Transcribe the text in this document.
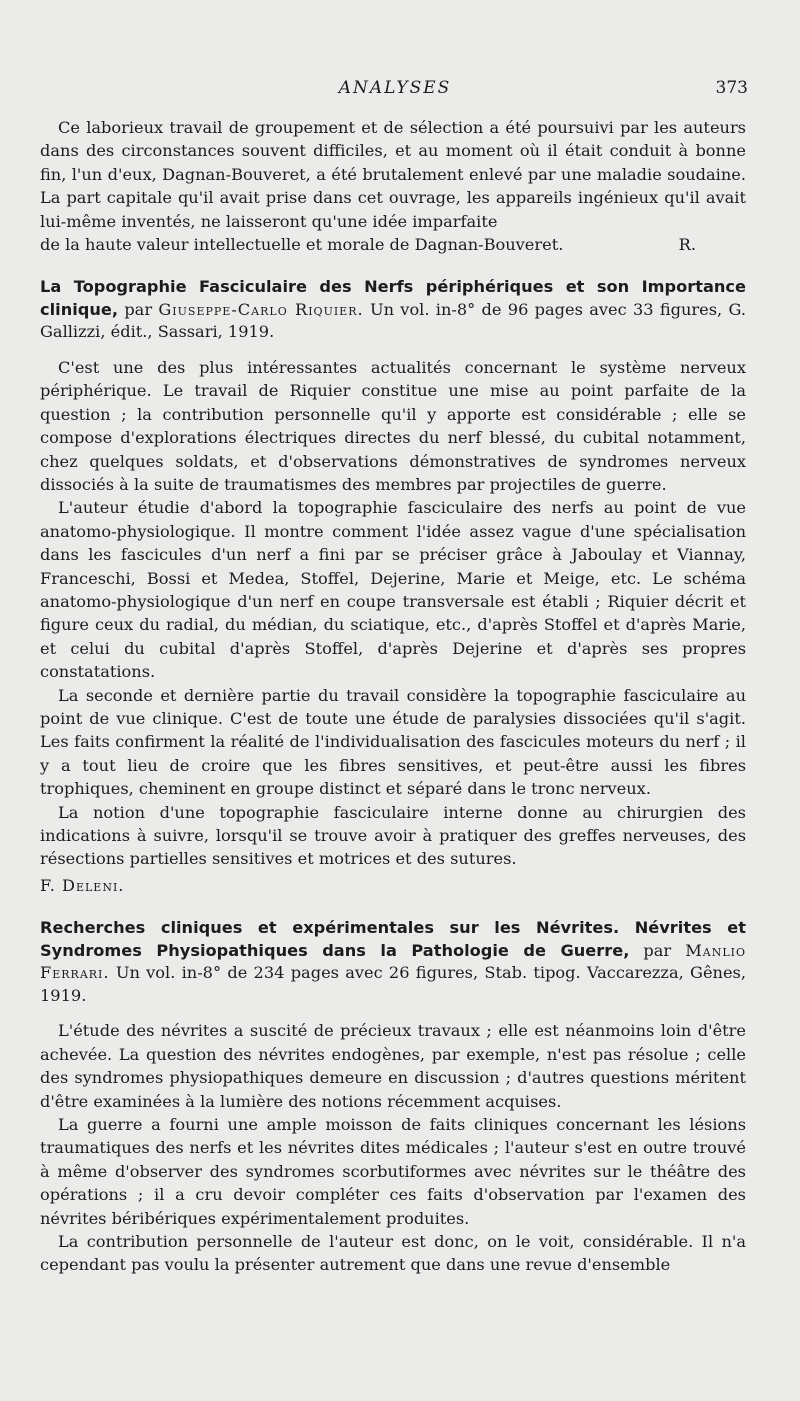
ANALYSES	373

Ce laborieux travail de groupement et de sélection a été poursuivi par les auteurs dans des circonstances souvent difficiles, et au moment où il était conduit à bonne fin, l'un d'eux, Dagnan-Bouveret, a été brutalement enlevé par une maladie soudaine. La part capitale qu'il avait prise dans cet ouvrage, les appareils ingénieux qu'il avait lui-même inventés, ne laisseront qu'une idée imparfaite

de la haute valeur intellectuelle et morale de Dagnan-Bouveret.	R.

La Topographie Fasciculaire des Nerfs périphériques et son Importance clinique, par Giuseppe-Carlo Riquier. Un vol. in-8° de 96 pages avec 33 figures, G. Gallizzi, édit., Sassari, 1919.

C'est une des plus intéressantes actualités concernant le système nerveux périphérique. Le travail de Riquier constitue une mise au point parfaite de la question ; la contribution personnelle qu'il y apporte est considérable ; elle se compose d'explorations électriques directes du nerf blessé, du cubital notamment, chez quelques soldats, et d'observations démonstratives de syndromes nerveux dissociés à la suite de traumatismes des membres par projectiles de guerre.

L'auteur étudie d'abord la topographie fasciculaire des nerfs au point de vue anatomo-physiologique. Il montre comment l'idée assez vague d'une spécialisation dans les fascicules d'un nerf a fini par se préciser grâce à Jaboulay et Viannay, Franceschi, Bossi et Medea, Stoffel, Dejerine, Marie et Meige, etc. Le schéma anatomo-physiologique d'un nerf en coupe transversale est établi ; Riquier décrit et figure ceux du radial, du médian, du sciatique, etc., d'après Stoffel et d'après Marie, et celui du cubital d'après Stoffel, d'après Dejerine et d'après ses propres constatations.

La seconde et dernière partie du travail considère la topographie fasciculaire au point de vue clinique. C'est de toute une étude de paralysies dissociées qu'il s'agit. Les faits confirment la réalité de l'individualisation des fascicules moteurs du nerf ; il y a tout lieu de croire que les fibres sensitives, et peut-être aussi les fibres trophiques, cheminent en groupe distinct et séparé dans le tronc nerveux.

La notion d'une topographie fasciculaire interne donne au chirurgien des indications à suivre, lorsqu'il se trouve avoir à pratiquer des greffes nerveuses, des résections partielles sensitives et motrices et des sutures.

F. Deleni.

Recherches cliniques et expérimentales sur les Névrites. Névrites et Syndromes Physiopathiques dans la Pathologie de Guerre, par Manlio Ferrari. Un vol. in-8° de 234 pages avec 26 figures, Stab. tipog. Vaccarezza, Gênes, 1919.

L'étude des névrites a suscité de précieux travaux ; elle est néanmoins loin d'être achevée. La question des névrites endogènes, par exemple, n'est pas résolue ; celle des syndromes physiopathiques demeure en discussion ; d'autres questions méritent d'être examinées à la lumière des notions récemment acquises.

La guerre a fourni une ample moisson de faits cliniques concernant les lésions traumatiques des nerfs et les névrites dites médicales ; l'auteur s'est en outre trouvé à même d'observer des syndromes scorbutiformes avec névrites sur le théâtre des opérations ; il a cru devoir compléter ces faits d'observation par l'examen des névrites béribériques expérimentalement produites.

La contribution personnelle de l'auteur est donc, on le voit, considérable. Il n'a cependant pas voulu la présenter autrement que dans une revue d'ensemble
